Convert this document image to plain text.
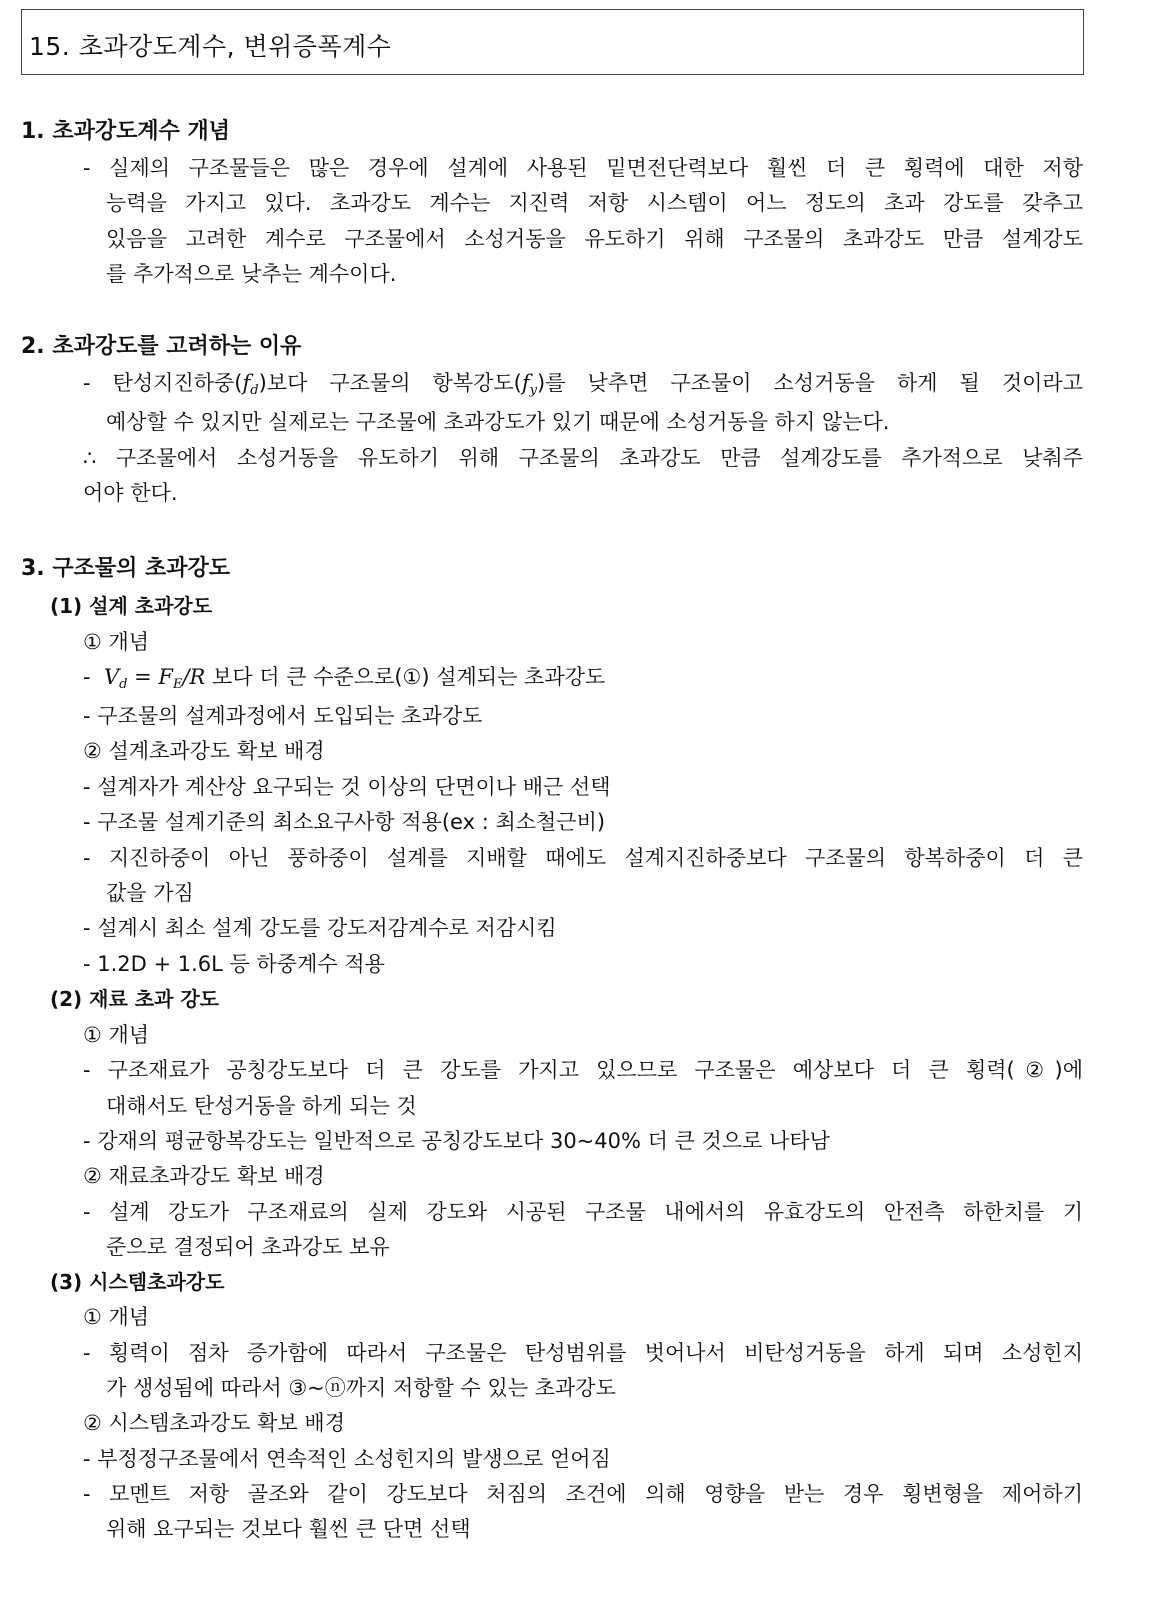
15. 초과강도계수, 변위증폭계수
1. 초과강도계수 개념
- 실제의 구조물들은 많은 경우에 설계에 사용된 밑면전단력보다 훨씬 더 큰 횡력에 대한 저항
능력을 가지고 있다. 초과강도 계수는 지진력 저항 시스템이 어느 정도의 초과 강도를 갖추고
있음을 고려한 계수로 구조물에서 소성거동을 유도하기 위해 구조물의 초과강도 만큼 설계강도
를 추가적으로 낮추는 계수이다.
2. 초과강도를 고려하는 이유
- 탄성지진하중$(f_d)$보다 구조물의 항복강도$(f_y)$를 낮추면 구조물이 소성거동을 하게 될 것이라고
예상할 수 있지만 실제로는 구조물에 초과강도가 있기 때문에 소성거동을 하지 않는다.
∴ 구조물에서 소성거동을 유도하기 위해 구조물의 초과강도 만큼 설계강도를 추가적으로 낮춰주
어야 한다.
3. 구조물의 초과강도
(1) 설계 초과강도
① 개념
- $V_d = F_E/R$ 보다 더 큰 수준으로(①) 설계되는 초과강도
- 구조물의 설계과정에서 도입되는 초과강도
② 설계초과강도 확보 배경
- 설계자가 계산상 요구되는 것 이상의 단면이나 배근 선택
- 구조물 설계기준의 최소요구사항 적용(ex : 최소철근비)
- 지진하중이 아닌 풍하중이 설계를 지배할 때에도 설계지진하중보다 구조물의 항복하중이 더 큰
값을 가짐
- 설계시 최소 설계 강도를 강도저감계수로 저감시킴
- 1.2D + 1.6L 등 하중계수 적용
(2) 재료 초과 강도
① 개념
- 구조재료가 공칭강도보다 더 큰 강도를 가지고 있으므로 구조물은 예상보다 더 큰 횡력(②)에
대해서도 탄성거동을 하게 되는 것
- 강재의 평균항복강도는 일반적으로 공칭강도보다 30~40% 더 큰 것으로 나타남
② 재료초과강도 확보 배경
- 설계 강도가 구조재료의 실제 강도와 시공된 구조물 내에서의 유효강도의 안전측 하한치를 기
준으로 결정되어 초과강도 보유
(3) 시스템초과강도
① 개념
- 횡력이 점차 증가함에 따라서 구조물은 탄성범위를 벗어나서 비탄성거동을 하게 되며 소성힌지
가 생성됨에 따라서 ③~ⓝ까지 저항할 수 있는 초과강도
② 시스템초과강도 확보 배경
- 부정정구조물에서 연속적인 소성힌지의 발생으로 얻어짐
- 모멘트 저항 골조와 같이 강도보다 처짐의 조건에 의해 영향을 받는 경우 횡변형을 제어하기
위해 요구되는 것보다 훨씬 큰 단면 선택
